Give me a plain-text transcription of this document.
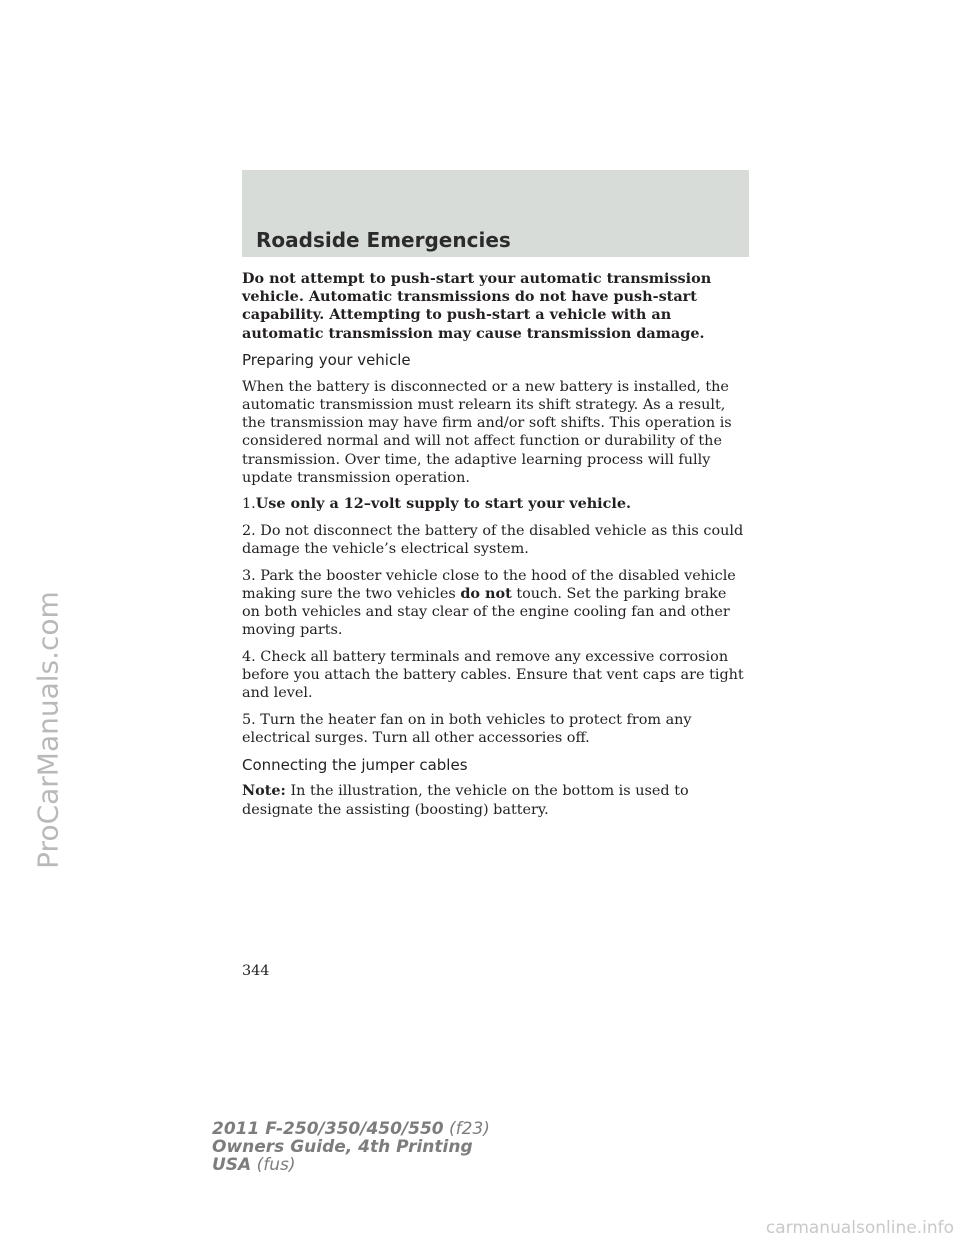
Roadside Emergencies

Do not attempt to push-start your automatic transmission vehicle. Automatic transmissions do not have push-start capability. Attempting to push-start a vehicle with an automatic transmission may cause transmission damage.

Preparing your vehicle

When the battery is disconnected or a new battery is installed, the automatic transmission must relearn its shift strategy. As a result, the transmission may have firm and/or soft shifts. This operation is considered normal and will not affect function or durability of the transmission. Over time, the adaptive learning process will fully update transmission operation.

1.Use only a 12–volt supply to start your vehicle.

2. Do not disconnect the battery of the disabled vehicle as this could damage the vehicle’s electrical system.

3. Park the booster vehicle close to the hood of the disabled vehicle making sure the two vehicles do not touch. Set the parking brake on both vehicles and stay clear of the engine cooling fan and other moving parts.

4. Check all battery terminals and remove any excessive corrosion before you attach the battery cables. Ensure that vent caps are tight and level.

5. Turn the heater fan on in both vehicles to protect from any electrical surges. Turn all other accessories off.

Connecting the jumper cables

Note: In the illustration, the vehicle on the bottom is used to designate the assisting (boosting) battery.

344
2011 F-250/350/450/550 (f23)
Owners Guide, 4th Printing
USA (fus)
ProCarManuals.com
carmanualsonline.info
